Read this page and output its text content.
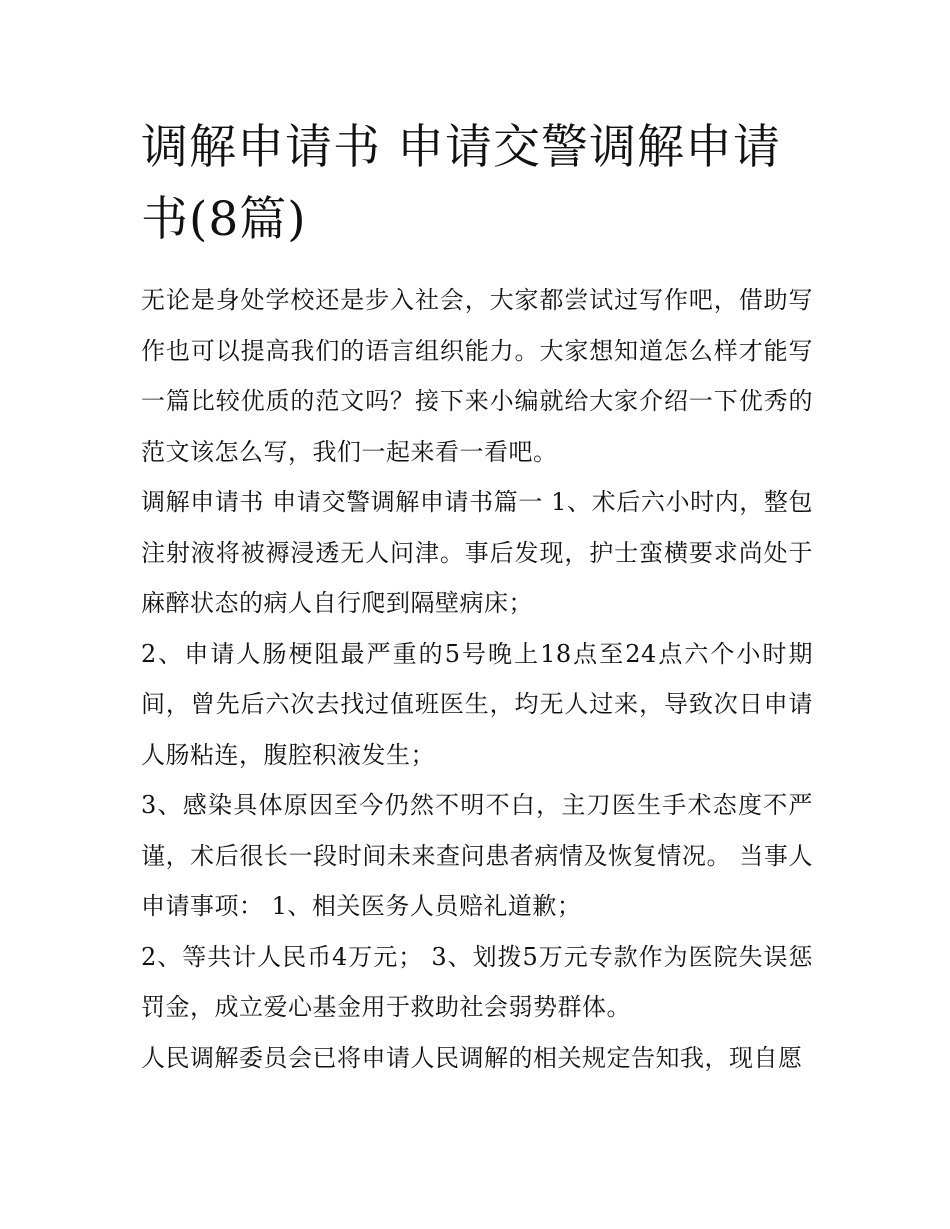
调解申请书 申请交警调解申请书(8篇)

无论是身处学校还是步入社会，大家都尝试过写作吧，借助写作也可以提高我们的语言组织能力。大家想知道怎么样才能写一篇比较优质的范文吗？接下来小编就给大家介绍一下优秀的范文该怎么写，我们一起来看一看吧。

调解申请书 申请交警调解申请书篇一 1、术后六小时内，整包注射液将被褥浸透无人问津。事后发现，护士蛮横要求尚处于麻醉状态的病人自行爬到隔壁病床；

2、申请人肠梗阻最严重的5号晚上18点至24点六个小时期间，曾先后六次去找过值班医生，均无人过来，导致次日申请人肠粘连，腹腔积液发生；

3、感染具体原因至今仍然不明不白，主刀医生手术态度不严谨，术后很长一段时间未来查问患者病情及恢复情况。 当事人申请事项： 1、相关医务人员赔礼道歉；

2、等共计人民币4万元； 3、划拨5万元专款作为医院失误惩罚金，成立爱心基金用于救助社会弱势群体。

人民调解委员会已将申请人民调解的相关规定告知我，现自愿
